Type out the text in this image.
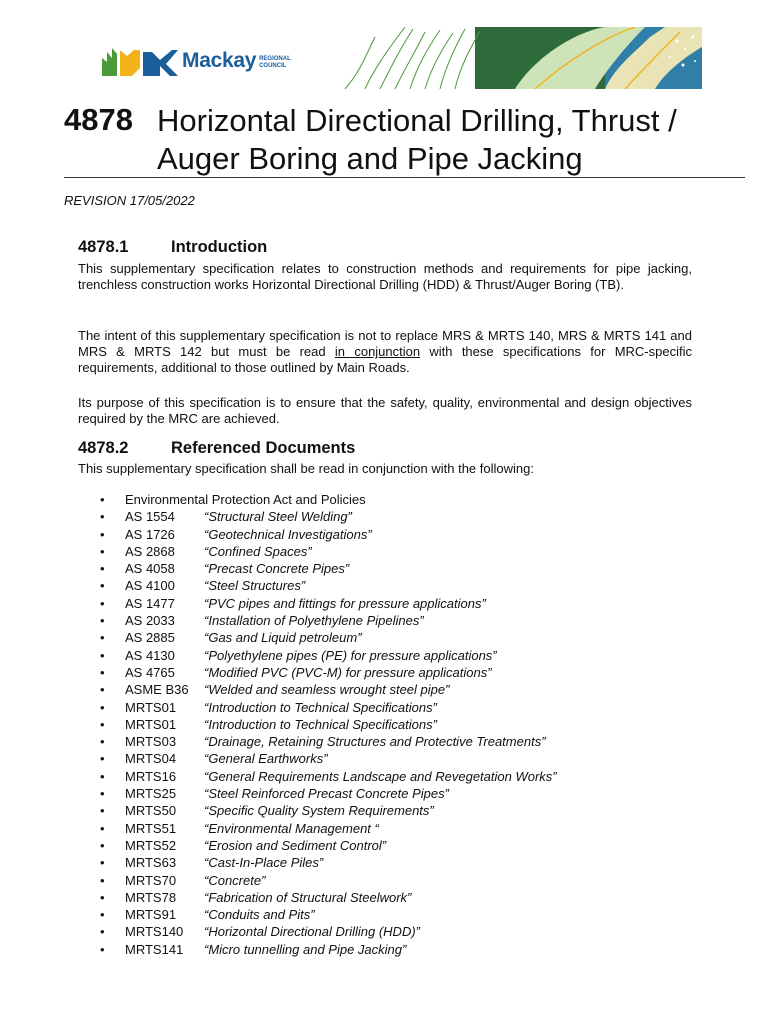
Mackay REGIONAL
COUNCIL
4878 Horizontal Directional Drilling, Thrust /
Auger Boring and Pipe Jacking
REVISION 17/05/2022
4878.1	Introduction
This supplementary specification relates to construction methods and requirements for pipe jacking, trenchless construction works Horizontal Directional Drilling (HDD) & Thrust/Auger Boring (TB).
The intent of this supplementary specification is not to replace MRS & MRTS 140, MRS & MRTS 141 and MRS & MRTS 142 but must be read in conjunction with these specifications for MRC-specific requirements, additional to those outlined by Main Roads.
Its purpose of this specification is to ensure that the safety, quality, environmental and design objectives required by the MRC are achieved.
4878.2	Referenced Documents
This supplementary specification shall be read in conjunction with the following:
• Environmental Protection Act and Policies
• AS 1554 “Structural Steel Welding”
• AS 1726 “Geotechnical Investigations”
• AS 2868 “Confined Spaces”
• AS 4058 “Precast Concrete Pipes”
• AS 4100 “Steel Structures”
• AS 1477 “PVC pipes and fittings for pressure applications”
• AS 2033 “Installation of Polyethylene Pipelines”
• AS 2885 “Gas and Liquid petroleum”
• AS 4130 “Polyethylene pipes (PE) for pressure applications”
• AS 4765 “Modified PVC (PVC-M) for pressure applications”
• ASME B36 “Welded and seamless wrought steel pipe”
• MRTS01 “Introduction to Technical Specifications”
• MRTS01 “Introduction to Technical Specifications”
• MRTS03 “Drainage, Retaining Structures and Protective Treatments”
• MRTS04 “General Earthworks”
• MRTS16 “General Requirements Landscape and Revegetation Works”
• MRTS25 “Steel Reinforced Precast Concrete Pipes”
• MRTS50 “Specific Quality System Requirements”
• MRTS51 “Environmental Management “
• MRTS52 “Erosion and Sediment Control”
• MRTS63 “Cast-In-Place Piles”
• MRTS70 “Concrete”
• MRTS78 “Fabrication of Structural Steelwork”
• MRTS91 “Conduits and Pits”
• MRTS140 “Horizontal Directional Drilling (HDD)”
• MRTS141 “Micro tunnelling and Pipe Jacking”
